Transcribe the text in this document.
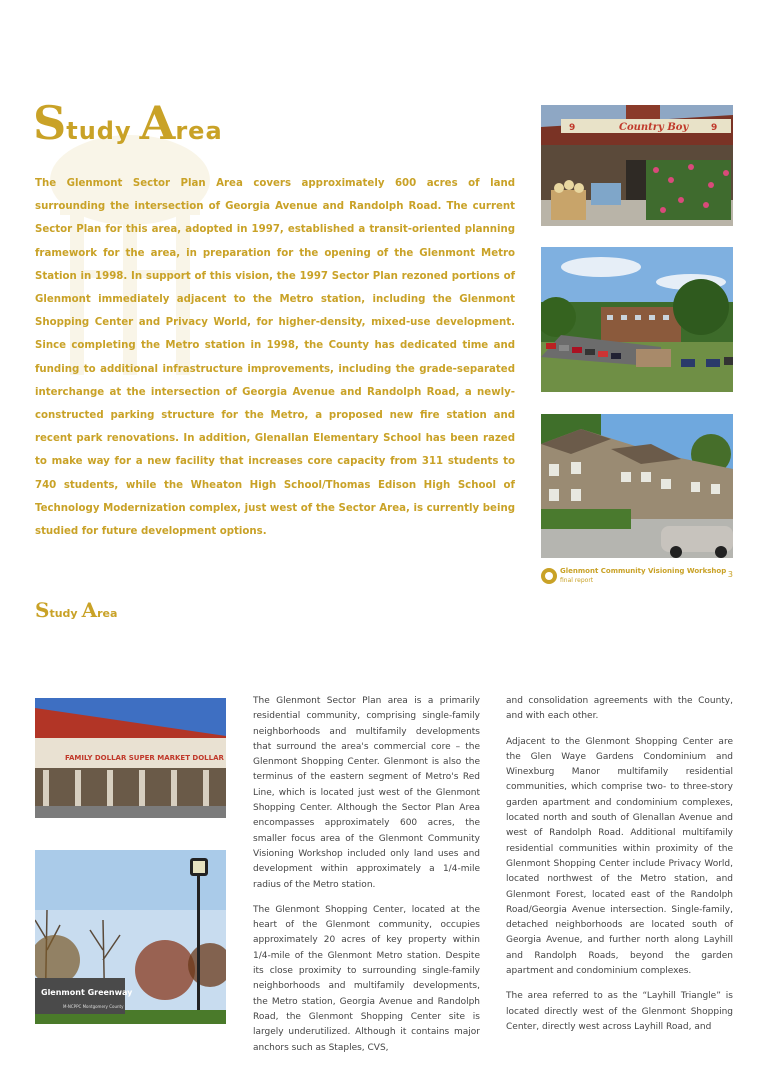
Study Area

The Glenmont Sector Plan Area covers approximately 600 acres of land surrounding the intersection of Georgia Avenue and Randolph Road. The current Sector Plan for this area, adopted in 1997, established a transit-oriented planning framework for the area, in preparation for the opening of the Glenmont Metro Station in 1998. In support of this vision, the 1997 Sector Plan rezoned portions of Glenmont immediately adjacent to the Metro station, including the Glenmont Shopping Center and Privacy World, for higher-density, mixed-use development. Since completing the Metro station in 1998, the County has dedicated time and funding to additional infrastructure improvements, including the grade-separated interchange at the intersection of Georgia Avenue and Randolph Road, a newly-constructed parking structure for the Metro, a proposed new fire station and recent park renovations. In addition, Glenallan Elementary School has been razed to make way for a new facility that increases core capacity from 311 students to 740 students, while the Wheaton High School/Thomas Edison High School of Technology Modernization complex, just west of the Sector Area, is currently being studied for future development options.

Country Boy
9	9
Glenmont Community Visioning Workshop
final report
3
Study Area
FAMILY DOLLAR SUPER MARKET DOLLAR
Glenmont Greenway
M-NCPPC Montgomery County

The Glenmont Sector Plan area is a primarily residential community, comprising single-family neighborhoods and multifamily developments that surround the area's commercial core – the Glenmont Shopping Center. Glenmont is also the terminus of the eastern segment of Metro's Red Line, which is located just west of the Glenmont Shopping Center. Although the Sector Plan Area encompasses approximately 600 acres, the smaller focus area of the Glenmont Community Visioning Workshop included only land uses and development within approximately a 1/4-mile radius of the Metro station.

The Glenmont Shopping Center, located at the heart of the Glenmont community, occupies approximately 20 acres of key property within 1/4-mile of the Glenmont Metro station. Despite its close proximity to surrounding single-family neighborhoods and multifamily developments, the Metro station, Georgia Avenue and Randolph Road, the Glenmont Shopping Center site is largely underutilized. Although it contains major anchors such as Staples, CVS,

and consolidation agreements with the County, and with each other.

Adjacent to the Glenmont Shopping Center are the Glen Waye Gardens Condominium and Winexburg Manor multifamily residential communities, which comprise two- to three-story garden apartment and condominium complexes, located north and south of Glenallan Avenue and west of Randolph Road. Additional multifamily residential communities within proximity of the Glenmont Shopping Center include Privacy World, located northwest of the Metro station, and Glenmont Forest, located east of the Randolph Road/Georgia Avenue intersection. Single-family, detached neighborhoods are located south of Georgia Avenue, and further north along Layhill and Randolph Roads, beyond the garden apartment and condominium complexes.

The area referred to as the “Layhill Triangle” is located directly west of the Glenmont Shopping Center, directly west across Layhill Road, and
